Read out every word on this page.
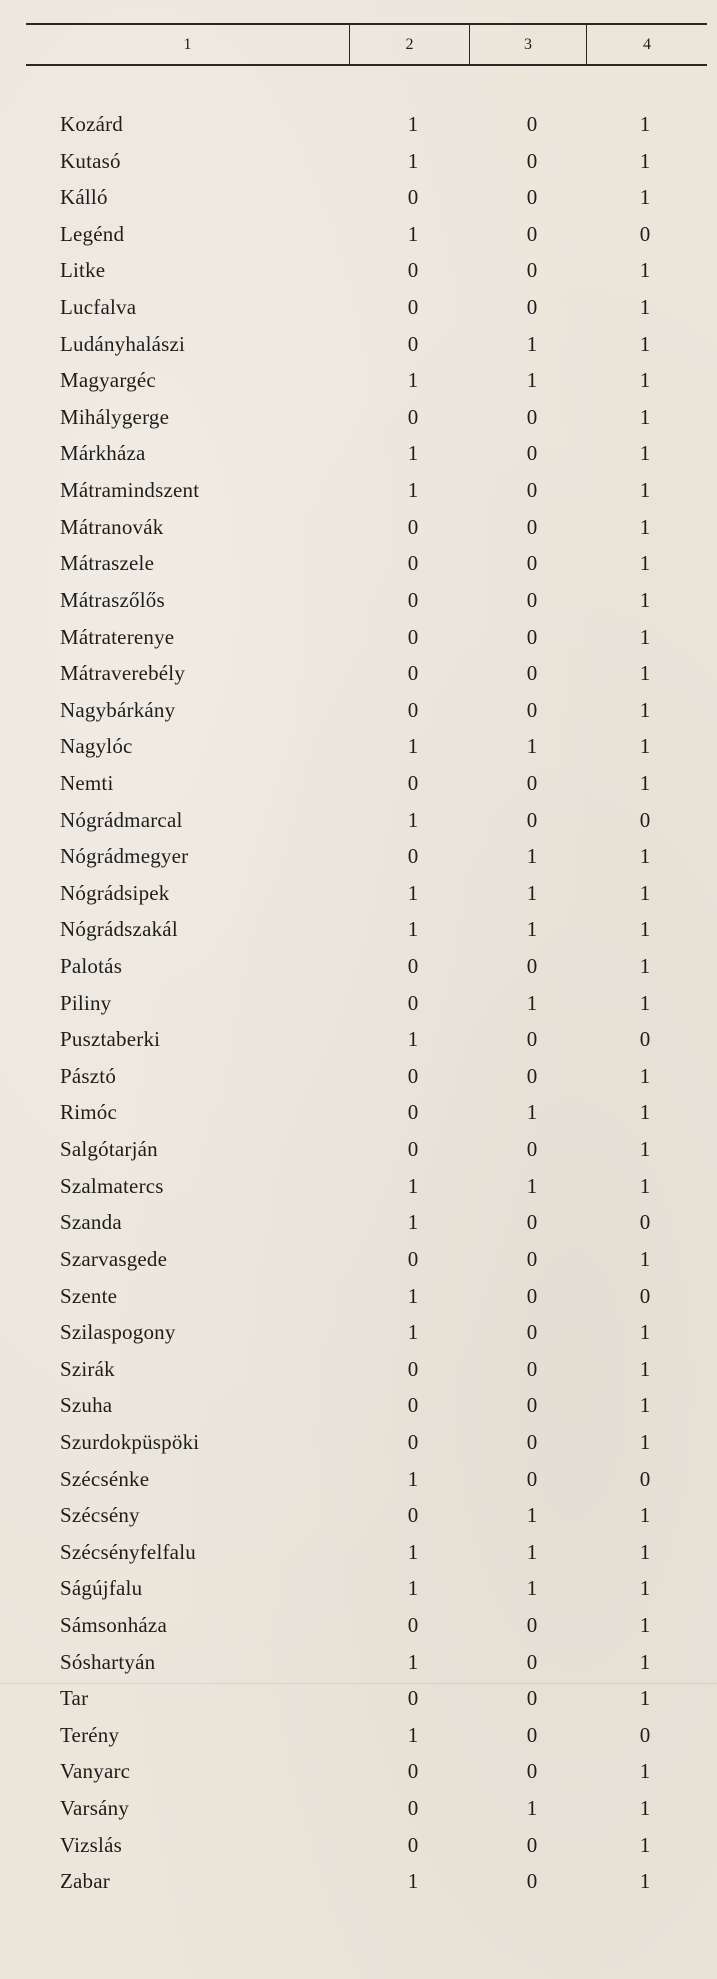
1	2	3	4
Kozárd	1	0	1
Kutasó	1	0	1
Kálló	0	0	1
Legénd	1	0	0
Litke	0	0	1
Lucfalva	0	0	1
Ludányhalászi	0	1	1
Magyargéc	1	1	1
Mihálygerge	0	0	1
Márkháza	1	0	1
Mátramindszent	1	0	1
Mátranovák	0	0	1
Mátraszele	0	0	1
Mátraszőlős	0	0	1
Mátraterenye	0	0	1
Mátraverebély	0	0	1
Nagybárkány	0	0	1
Nagylóc	1	1	1
Nemti	0	0	1
Nógrádmarcal	1	0	0
Nógrádmegyer	0	1	1
Nógrádsipek	1	1	1
Nógrádszakál	1	1	1
Palotás	0	0	1
Piliny	0	1	1
Pusztaberki	1	0	0
Pásztó	0	0	1
Rimóc	0	1	1
Salgótarján	0	0	1
Szalmatercs	1	1	1
Szanda	1	0	0
Szarvasgede	0	0	1
Szente	1	0	0
Szilaspogony	1	0	1
Szirák	0	0	1
Szuha	0	0	1
Szurdokpüspöki	0	0	1
Szécsénke	1	0	0
Szécsény	0	1	1
Szécsényfelfalu	1	1	1
Ságújfalu	1	1	1
Sámsonháza	0	0	1
Sóshartyán	1	0	1
Tar	0	0	1
Terény	1	0	0
Vanyarc	0	0	1
Varsány	0	1	1
Vizslás	0	0	1
Zabar	1	0	1
